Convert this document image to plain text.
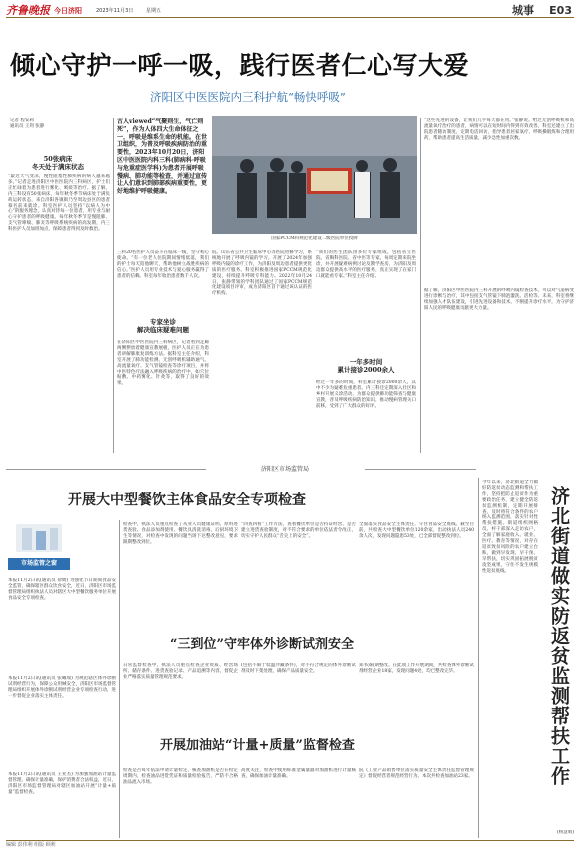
齐鲁晚报 今日济阳	2023年11月3日	星期五	城事 E03
倾心守护一呼一吸，践行医者仁心写大爱
济阳区中医医院内三科护航“畅快呼吸”
记者 程安莉
通讯员 王剑 张静
50张病床
冬天处于满床状态
“最近天气变凉，慢性阻塞性肺疾病的病人越来越多。”记者走进济阳区中医医院内三科病区，护士们正忙碌着为患者进行雾化、吸痰等治疗。据了解，内三科设有50张病床，每年秋冬季节病床处于满负荷运转状态，来自济阳各镇街乃至周边县区的患者慕名前来就诊。科室医护人员坚持“以病人为中心”的服务理念，认真对待每一位患者，用专业与耐心守护患者的呼吸健康。每年秋冬季节是慢阻肺、支气管哮喘、肺炎等呼吸系统疾病的高发期，内三科医护人员加班加点，保障患者得到及时救治。
古人viewed“气聚则生，气亡则死”，作为人体四大生命体征之一，呼吸是维系生命的机能。在世卫组织，为普及呼吸疾病防治的重要性，2023年10月20日，济阳区中医医院内科三科(肺病科·呼吸与危重症医学科)为患者开展呼吸慢病、肺功能等检查，并通过宣传让人们意识到肺部疾病重要性，更好地维护呼吸健康。
国家PCCM科规范化建设二级医院单位授牌
三科20名医护人员奋斗在临床一线，坚守初心使命。“有一位老人住院期间情绪低落，我们的护士每天陪他聊天，帮助他树立战胜疾病的信心。”医护人员用专业技术与爱心服务赢得了患者的信赖。科室每年收治患者数千人次。
专家坐诊
解决临床疑难问题
在济阳区中医医院内三科病区，记者看到走廊两侧摆放着健康宣教展板，医护人员正在为患者讲解肺康复训练方法。据科室主任介绍，科室开展了肺功能检测、无创呼吸机辅助通气、高流量氧疗、支气管镜检查等诊疗项目，并将中医特色疗法融入呼吸疾病的治疗中，如穴位贴敷、中药雾化、针灸等，取得了良好的效果。
院、山东省公共卫生临床中心等医院进修学习，系统地开展了呼吸内镜的学习。开展了2024年加强呼吸内镜的诊疗工作，为济阳及周边患者提供更优质的医疗服务。科室积极推进国家PCCM规范化建设，持续提升呼吸专科能力。2022年10月24日，张静带领的学科团队通过了国家PCCM规范化建设项目评审，成为济阳区首个通过该认证的医疗机构。
“我们的医生团队由多位专家组成，包括省立医院、省胸科医院、省中医等专家，每周定期来院坐诊，并开展疑难病例讨论及教学查房，为济阳及周边群众提供高水平的医疗服务，真正实现了在家门口就能看专家。”科室主任介绍。
一年多时间
累计接诊2000余人
经过一年多的时间，科室累计接诊2000余人，其中不少为疑难危重患者。内三科还定期深入社区和乡村开展义诊活动，为群众提供肺功能筛查与健康宣教，普及呼吸疾病防治知识，推动慢病管理关口前移，受到了广大群众的好评。
“这些先进的设备，让我们几乎每天都在用。”张静说。给过无创呼吸机和高流量氧疗治疗的患者，病情可以在短时间内得到有效改善。科室还建立了出院患者随访制度，定期电话回访，指导患者居家氧疗、呼吸操锻炼和合理用药，帮助患者提高生活质量，减少急性加重次数。
据了解，济阳区中医医院内三科开展的呼吸内镜检查技术，可以对气道病变进行诊断与治疗，其中包括支气管镜下肺泡灌洗、活检等。未来，科室将继续加强人才队伍建设，引进先进设备和技术，不断提升诊疗水平，为守护济阳人民的呼吸健康贡献更大力量。
济阳区市场监管局
开展大中型餐饮主体食品安全专项检查
市场监管之窗
本报11月2日讯(通讯员 徐婧) 为强化节日期间食品安全监管，确保辖区群众饮食安全，近日，济阳区市场监督管理局组织执法人员对辖区大中型餐饮服务单位开展食品安全专项检查。
本报11月2日讯(通讯员 张曦瑞) 为规范辖区体外诊断试剂经营行为，保障公众用械安全，济阳区市场监督管理局组织开展体外诊断试剂经营企业专项检查行动，进一步督促企业落实主体责任。
本报11月2日讯(通讯员 王亚杰) 为加强加油站计量监督管理，确保计量准确，保护消费者合法权益，近日，济阳区市场监督管理局对辖区加油站开展“计量+质量”监督检查。
检查中，执法人员重点检查了从业人员健康证明、原料进货查验、食品添加剂使用、餐饮具清洗消毒、后厨环境卫生等情况，对检查中发现的问题当场下达整改意见，要求限期整改到位。
“四查四看”工作方法，查看餐饮单位是否持证经营、是否建立进货查验制度，对不符合要求的单位依法责令改正，切实守护人民群众“舌尖上的安全”。
全面落实食品安全主体责任，守住食品安全底线。截至目前，共检查大中型餐饮单位120余家，出动执法人员240余人次，发现问题隐患53处，已全部督促整改到位。
“三到位”守牢体外诊断试剂安全
日常监督检查中，执法人员重点检查企业资质、经营场所、储存条件、进货查验记录、产品追溯等内容，督促企业严格落实质量管理规范要求。
(包括不限于低温冷藏条件)，对不符合规定的体外诊断试剂及时下架处理，确保产品质量安全。
知书)限期整改。在此项工作开展期间，共检查体外诊断试剂经营企业18家，发现问题4处，均已整改完毕。
开展加油站“计量+质量”监督检查
检查是否每年依法申请计量检定，核查加油机是否在检定周期内，检查油品进货凭证和质量检验报告，严防不合格油品流入市场。
高度关注，检查中使用标准金属量器对加油机进行计量核查，确保加油计量准确。
院《工业产品销售单位落实质量安全主体责任监督管理规定》督促经营者规范经营行为。本次共检查加油站23家。
今年以来，济北街道全力做好防返贫动态监测和帮扶工作，坚持把防止返贫作为重要政治任务，建立健全防返贫监测机制，定期开展排查，及时将符合条件的农户纳入监测范围，落实针对性帮扶措施。街道组织网格员、村干部深入走访农户，全面了解家庭收入、就业、医疗、教育等情况，对存在返贫致贫风险的农户建立台账，做到早发现、早干预、早帮扶，切实巩固拓展脱贫攻坚成果，守住不发生规模性返贫底线。	济北街道做实防返贫监测帮扶工作
(杨慧娟)
编辑 彭伟利 组版 顾莉
